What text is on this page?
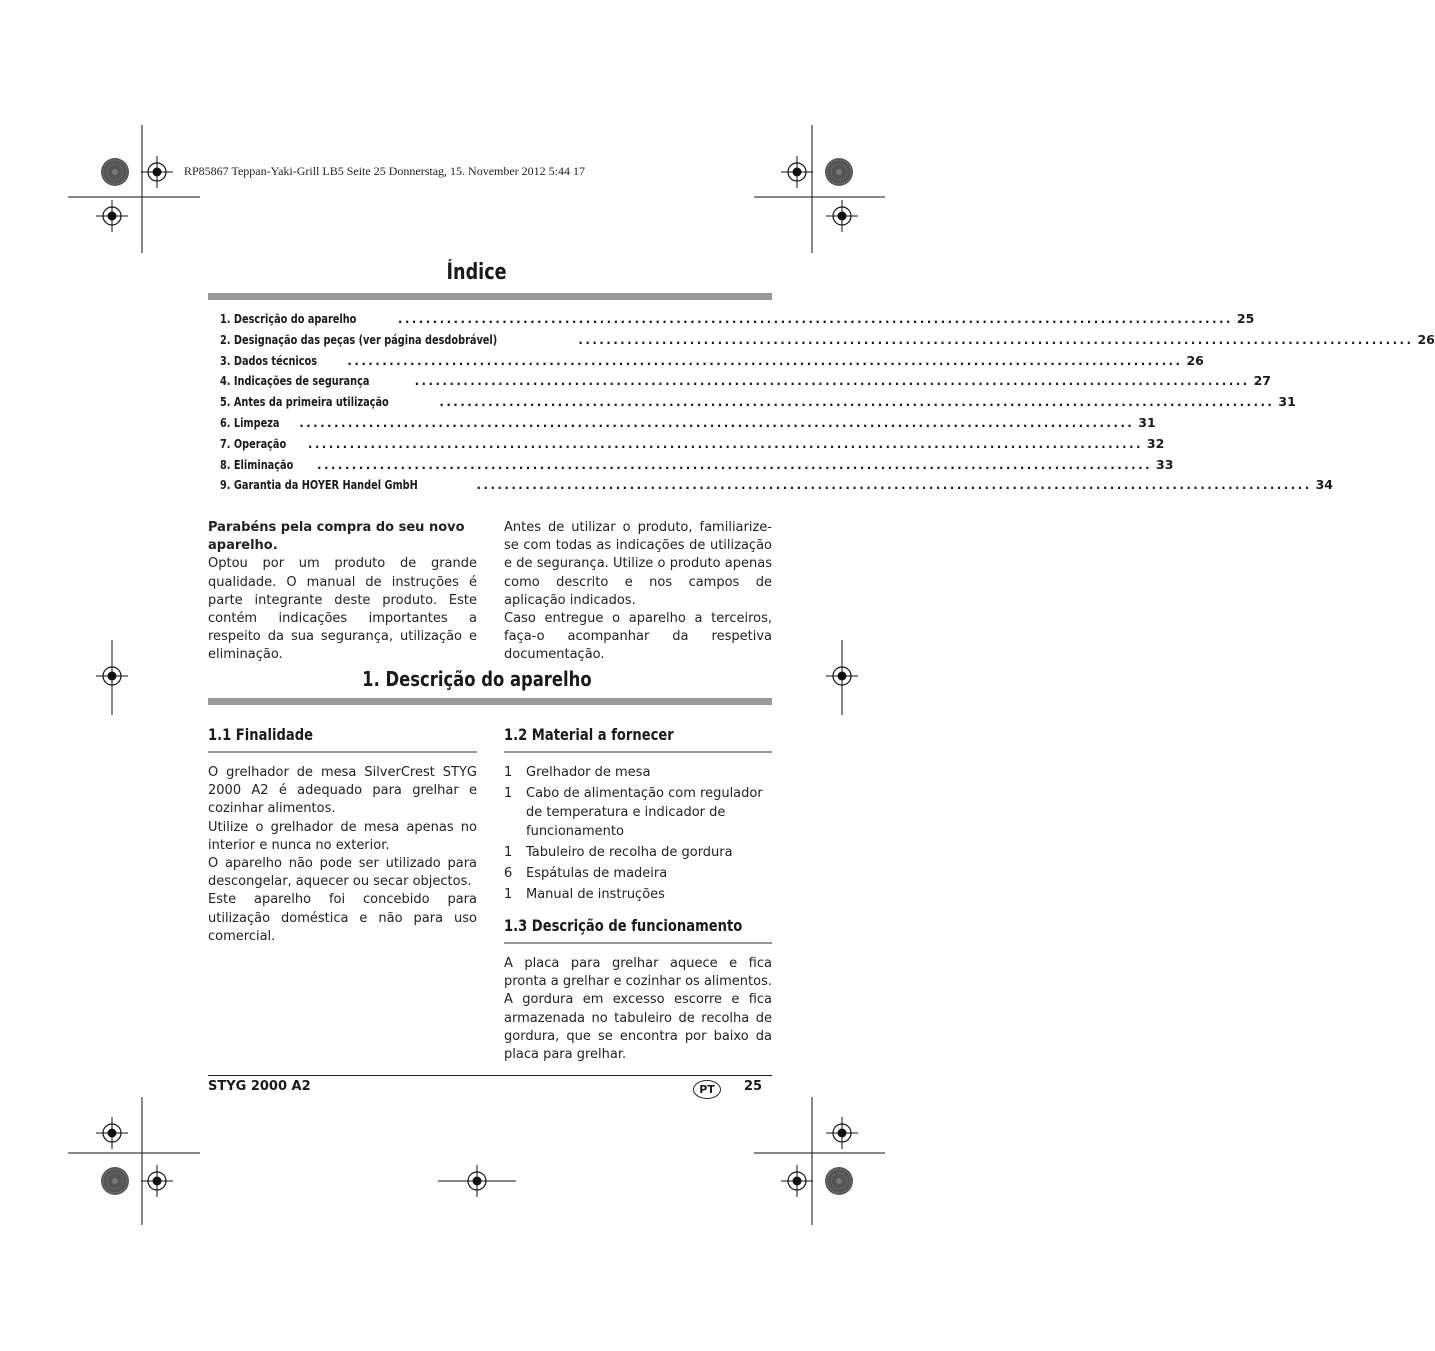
RP85867 Teppan-Yaki-Grill LB5 Seite 25 Donnerstag, 15. November 2012 5:44 17
Índice
1. Descrição do aparelho	........................................................................................................................ 25
2. Designação das peças (ver página desdobrável)	........................................................................................................................ 26
3. Dados técnicos	........................................................................................................................ 26
4. Indicações de segurança	........................................................................................................................ 27
5. Antes da primeira utilização	........................................................................................................................ 31
6. Limpeza	........................................................................................................................ 31
7. Operação	........................................................................................................................ 32
8. Eliminação	........................................................................................................................ 33
9. Garantia da HOYER Handel GmbH	........................................................................................................................ 34

Parabéns pela compra do seu novo aparelho.

Optou por um produto de grande qualidade. O manual de instruções é parte integrante deste produto. Este contém indicações importantes a respeito da sua segurança, utilização e eliminação.

Antes de utilizar o produto, familiarize-se com todas as indicações de utilização e de segurança. Utilize o produto apenas como descrito e nos campos de aplicação indicados.

Caso entregue o aparelho a terceiros, faça-o acompanhar da respetiva documentação.

1. Descrição do aparelho
1.1 Finalidade

O grelhador de mesa SilverCrest STYG 2000 A2 é adequado para grelhar e cozinhar alimentos.

Utilize o grelhador de mesa apenas no interior e nunca no exterior.

O aparelho não pode ser utilizado para descongelar, aquecer ou secar objectos.

Este aparelho foi concebido para utilização doméstica e não para uso comercial.

1.2 Material a fornecer
1	Grelhador de mesa
1	Cabo de alimentação com regulador de temperatura e indicador de funcionamento
1	Tabuleiro de recolha de gordura
6	Espátulas de madeira
1	Manual de instruções
1.3 Descrição de funcionamento

A placa para grelhar aquece e fica pronta a grelhar e cozinhar os alimentos. A gordura em excesso escorre e fica armazenada no tabuleiro de recolha de gordura, que se encontra por baixo da placa para grelhar.

STYG 2000 A2	PT	25
